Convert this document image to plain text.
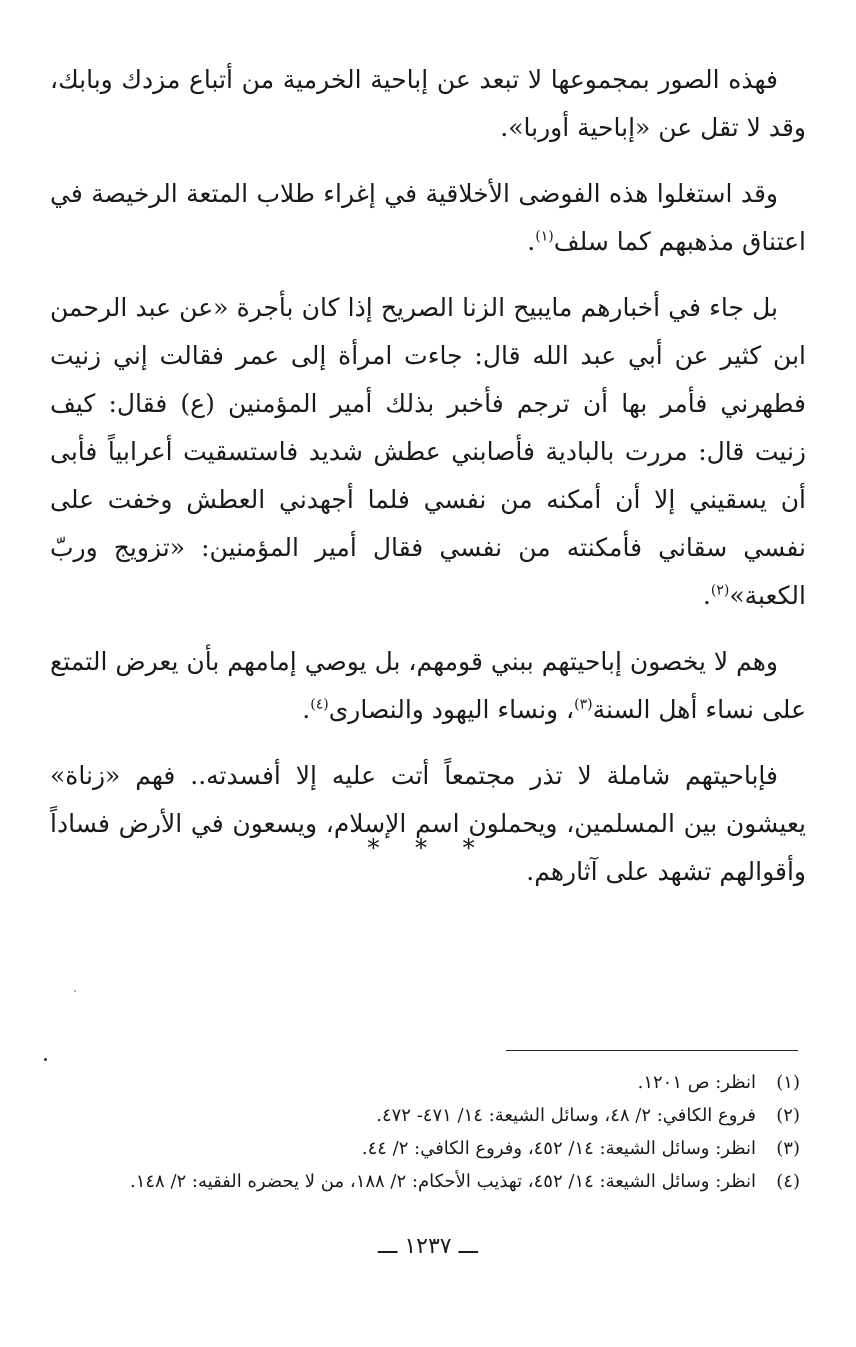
فهذه الصور بمجموعها لا تبعد عن إباحية الخرمية من أتباع مزدك وبابك، وقد لا تقل عن «إباحية أوربا».

وقد استغلوا هذه الفوضى الأخلاقية في إغراء طلاب المتعة الرخيصة في اعتناق مذهبهم كما سلف$^{(١)}$.

بل جاء في أخبارهم مايبيح الزنا الصريح إذا كان بأجرة «عن عبد الرحمن ابن كثير عن أبي عبد الله قال: جاءت امرأة إلى عمر فقالت إني زنيت فطهرني فأمر بها أن ترجم فأخبر بذلك أمير المؤمنين (ع) فقال: كيف زنيت قال: مررت بالبادية فأصابني عطش شديد فاستسقيت أعرابياً فأبى أن يسقيني إلا أن أمكنه من نفسي فلما أجهدني العطش وخفت على نفسي سقاني فأمكنته من نفسي فقال أمير المؤمنين: «تزويج وربّ الكعبة»$^{(٢)}$.

وهم لا يخصون إباحيتهم ببني قومهم، بل يوصي إمامهم بأن يعرض التمتع على نساء أهل السنة$^{(٣)}$، ونساء اليهود والنصارى$^{(٤)}$.

فإباحيتهم شاملة لا تذر مجتمعاً أتت عليه إلا أفسدته.. فهم «زناة» يعيشون بين المسلمين، ويحملون اسم الإسلام، ويسعون في الأرض فساداً وأقوالهم تشهد على آثارهم.

* * *
(١)
انظر: ص ١٢٠١.
(٢)
فروع الكافي: ٢/ ٤٨، وسائل الشيعة: ١٤/ ٤٧١- ٤٧٢.
(٣)
انظر: وسائل الشيعة: ١٤/ ٤٥٢، وفروع الكافي: ٢/ ٤٤.
(٤)
انظر: وسائل الشيعة: ١٤/ ٤٥٢، تهذيب الأحكام: ٢/ ١٨٨، من لا يحضره الفقيه: ٢/ ١٤٨.
ـــ ١٢٣٧ ـــ
